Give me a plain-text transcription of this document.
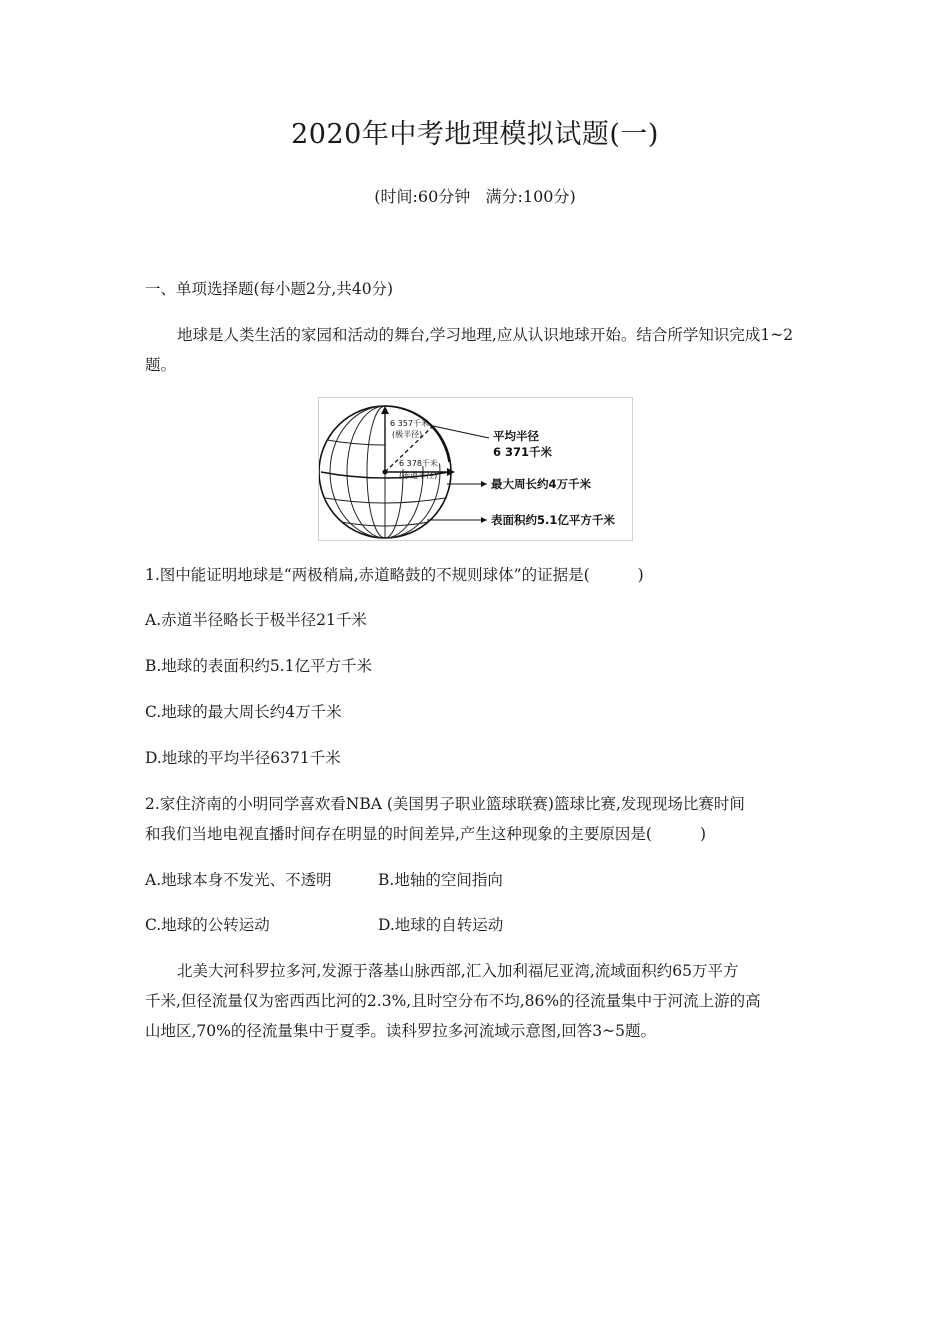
2020年中考地理模拟试题(一)
(时间:60分钟   满分:100分)
一、单项选择题(每小题2分,共40分)
地球是人类生活的家园和活动的舞台,学习地理,应从认识地球开始。结合所学知识完成1~2题。
6 357千米
(极半径)
6 378千米
(赤道半径)
平均半径
6 371千米
最大周长约4万千米
表面积约5.1亿平方千米
1.图中能证明地球是“两极稍扁,赤道略鼓的不规则球体”的证据是(	)
A.赤道半径略长于极半径21千米
B.地球的表面积约5.1亿平方千米
C.地球的最大周长约4万千米
D.地球的平均半径6371千米
2.家住济南的小明同学喜欢看NBA (美国男子职业篮球联赛)篮球比赛,发现现场比赛时间
和我们当地电视直播时间存在明显的时间差异,产生这种现象的主要原因是(	)
A.地球本身不发光、不透明	B.地轴的空间指向
C.地球的公转运动	D.地球的自转运动
北美大河科罗拉多河,发源于落基山脉西部,汇入加利福尼亚湾,流域面积约65万平方
千米,但径流量仅为密西西比河的2.3%,且时空分布不均,86%的径流量集中于河流上游的高
山地区,70%的径流量集中于夏季。读科罗拉多河流域示意图,回答3~5题。
